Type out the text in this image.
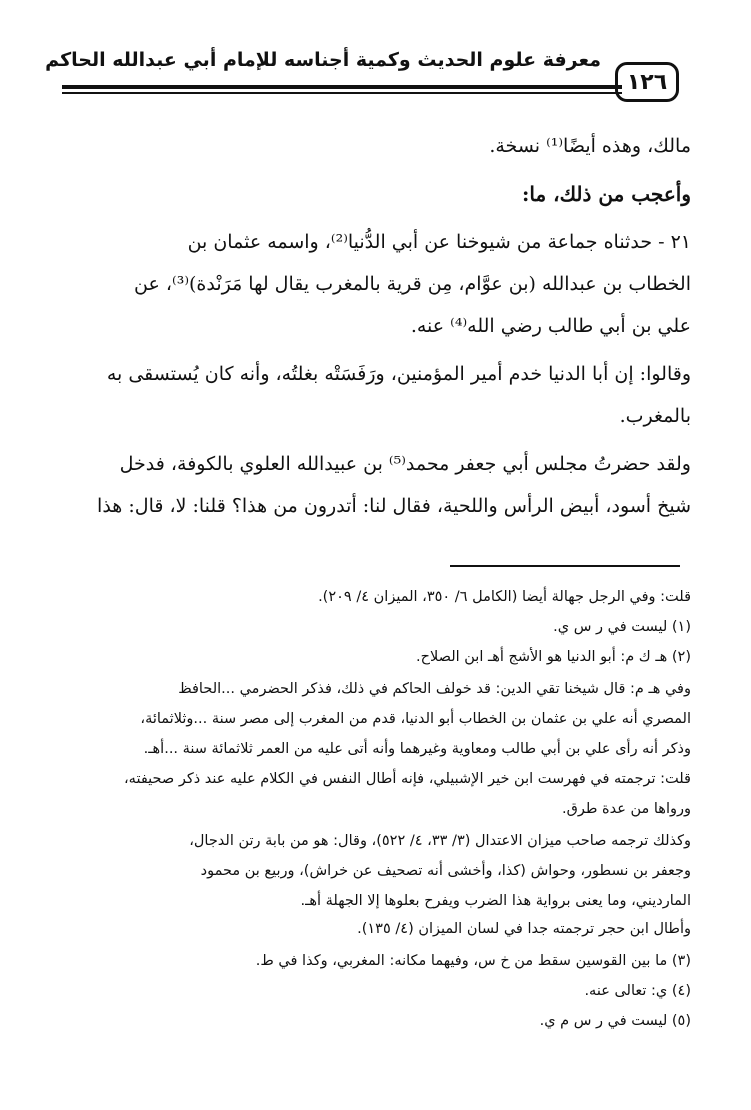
معرفة علوم الحديث وكمية أجناسه للإمام أبي عبدالله الحاكم
١٢٦
مالك، وهذه أيضًا⁽¹⁾ نسخة.
وأعجب من ذلك، ما:
٢١ - حدثناه جماعة من شيوخنا عن أبي الدُّنيا⁽²⁾، واسمه عثمان بن
الخطاب بن عبدالله (بن عوَّام، مِن قرية بالمغرب يقال لها مَرَنْدة)⁽³⁾، عن
علي بن أبي طالب رضي الله⁽⁴⁾ عنه.
وقالوا: إن أبا الدنيا خدم أمير المؤمنين، ورَفَسَتْه بغلتُه، وأنه كان يُستسقى به
بالمغرب.
ولقد حضرتُ مجلس أبي جعفر محمد⁽⁵⁾ بن عبيدالله العلوي بالكوفة، فدخل
شيخ أسود، أبيض الرأس واللحية، فقال لنا: أتدرون من هذا؟ قلنا: لا، قال: هذا
قلت: وفي الرجل جهالة أيضا (الكامل ٦/ ٣٥٠، الميزان ٤/ ٢٠٩).
(١) ليست في ر س ي.
(٢) هـ ك م: أبو الدنيا هو الأشج أهـ ابن الصلاح.
وفي هـ م: قال شيخنا تقي الدين: قد خولف الحاكم في ذلك، فذكر الحضرمي ...الحافظ
المصري أنه علي بن عثمان بن الخطاب أبو الدنيا، قدم من المغرب إلى مصر سنة ...وثلاثمائة،
وذكر أنه رأى علي بن أبي طالب ومعاوية وغيرهما وأنه أتى عليه من العمر ثلاثمائة سنة ...أهـ.
قلت: ترجمته في فهرست ابن خير الإشبيلي، فإنه أطال النفس في الكلام عليه عند ذكر صحيفته،
ورواها من عدة طرق.
وكذلك ترجمه صاحب ميزان الاعتدال (٣/ ٣٣، ٤/ ٥٢٢)، وقال: هو من بابة رتن الدجال،
وجعفر بن نسطور، وحواش (كذا، وأخشى أنه تصحيف عن خراش)، وربيع بن محمود
المارديني، وما يعنى برواية هذا الضرب ويفرح بعلوها إلا الجهلة أهـ.
وأطال ابن حجر ترجمته جدا في لسان الميزان (٤/ ١٣٥).
(٣) ما بين القوسين سقط من خ س، وفيهما مكانه: المغربي، وكذا في ط.
(٤) ي: تعالى عنه.
(٥) ليست في ر س م ي.
